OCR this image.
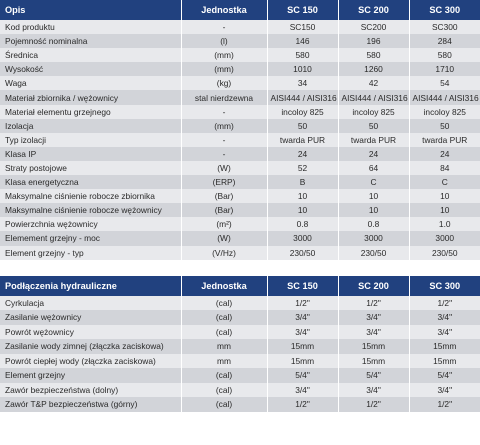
Opis	Jednostka	SC 150	SC 200	SC 300
Kod produktu	-	SC150	SC200	SC300
Pojemność nominalna	(l)	146	196	284
Średnica	(mm)	580	580	580
Wysokość	(mm)	1010	1260	1710
Waga	(kg)	34	42	54
Materiał zbiornika / wężownicy	stal nierdzewna	AISI444 / AISI316	AISI444 / AISI316	AISI444 / AISI316
Materiał elementu grzejnego	-	incoloy 825	incoloy 825	incoloy 825
Izolacja	(mm)	50	50	50
Typ izolacji	-	twarda PUR	twarda PUR	twarda PUR
Klasa IP	-	24	24	24
Straty postojowe	(W)	52	64	84
Klasa energetyczna	(ERP)	B	C	C
Maksymalne ciśnienie robocze zbiornika	(Bar)	10	10	10
Maksymalne ciśnienie robocze wężownicy	(Bar)	10	10	10
Powierzchnia wężownicy	(m²)	0.8	0.8	1.0
Elemement grzejny - moc	(W)	3000	3000	3000
Element grzejny - typ	(V/Hz)	230/50	230/50	230/50
Podłączenia hydrauliczne	Jednostka	SC 150	SC 200	SC 300
Cyrkulacja	(cal)	1/2"	1/2"	1/2"
Zasilanie wężownicy	(cal)	3/4"	3/4"	3/4"
Powrót wężownicy	(cal)	3/4"	3/4"	3/4"
Zasilanie wody zimnej (złączka zaciskowa)	mm	15mm	15mm	15mm
Powrót ciepłej wody (złączka zaciskowa)	mm	15mm	15mm	15mm
Element grzejny	(cal)	5/4"	5/4"	5/4"
Zawór bezpieczeństwa (dolny)	(cal)	3/4"	3/4"	3/4"
Zawór T&P bezpieczeństwa (górny)	(cal)	1/2"	1/2"	1/2"
